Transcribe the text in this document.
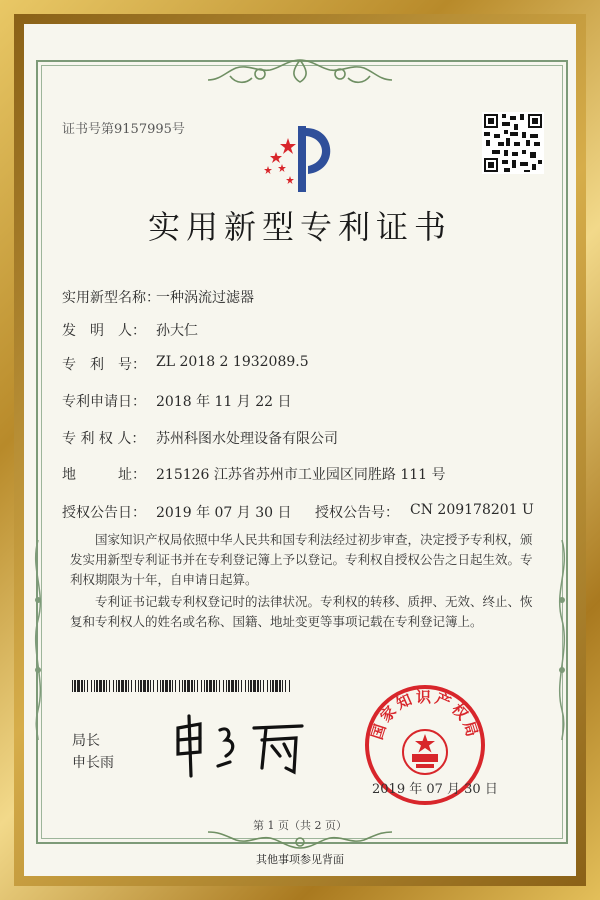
证书号第9157995号
实用新型专利证书
实用新型名称：
一种涡流过滤器
发　明　人： 孙大仁
专　利　号： ZL 2018 2 1932089.5
专利申请日： 2018 年 11 月 22 日
专 利 权 人： 苏州科图水处理设备有限公司
地　　　址： 215126 江苏省苏州市工业园区同胜路 111 号
授权公告日： 2019 年 07 月 30 日 授权公告号： CN 209178201 U
国家知识产权局依照中华人民共和国专利法经过初步审查，决定授予专利权，颁发实用新型专利证书并在专利登记簿上予以登记。专利权自授权公告之日起生效。专利权期限为十年，自申请日起算。
专利证书记载专利权登记时的法律状况。专利权的转移、质押、无效、终止、恢复和专利权人的姓名或名称、国籍、地址变更等事项记载在专利登记簿上。
局长
申长雨
国家知识产权局
2019 年 07 月 30 日
第 1 页（共 2 页）
其他事项参见背面
